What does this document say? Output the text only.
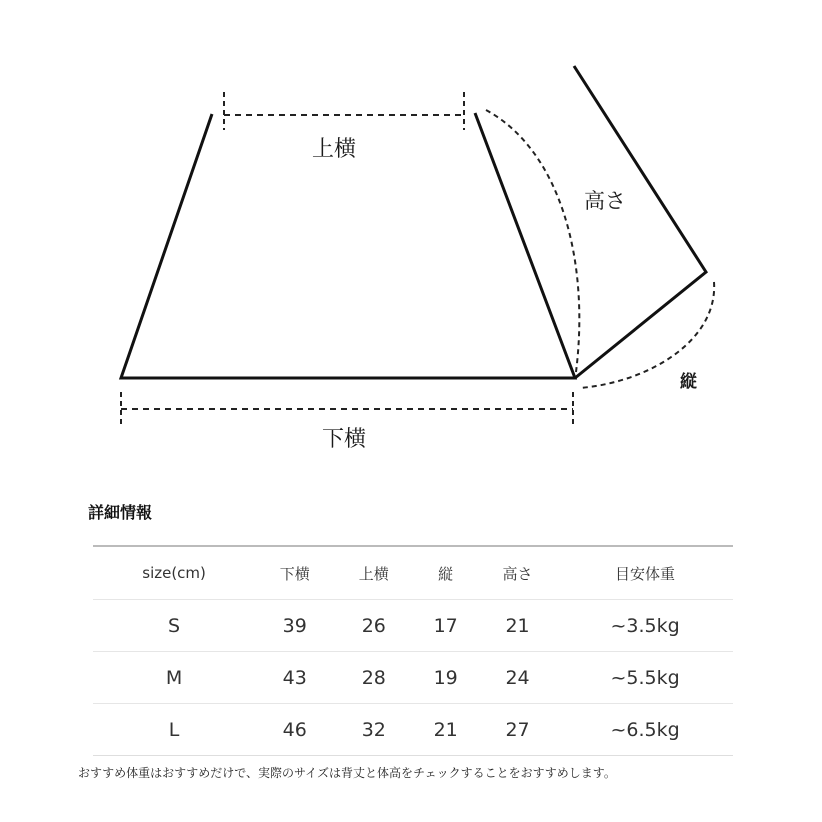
上横
高さ
縦
下横
詳細情報
size(cm)	下横	上横	縦	高さ	目安体重
S	39	26	17	21	~3.5kg
M	43	28	19	24	~5.5kg
L	46	32	21	27	~6.5kg
おすすめ体重はおすすめだけで、実際のサイズは背丈と体高をチェックすることをおすすめします。
